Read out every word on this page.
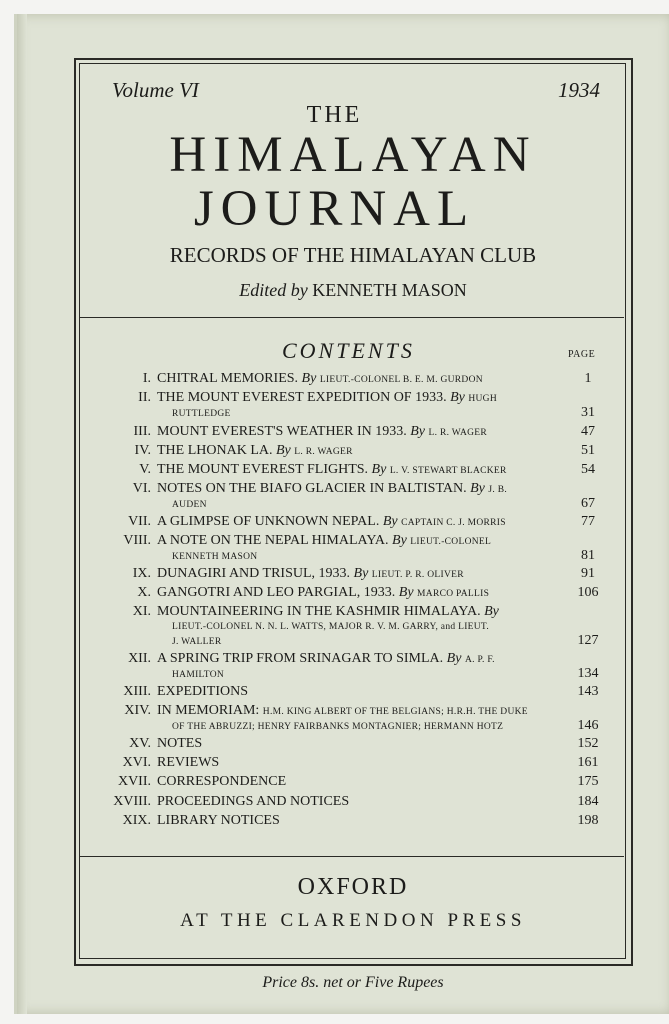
Volume VI	1934
THE
HIMALAYAN
JOURNAL
RECORDS OF THE HIMALAYAN CLUB
Edited by KENNETH MASON
CONTENTS	PAGE
I. CHITRAL MEMORIES. By LIEUT.-COLONEL B. E. M. GURDON	1
II. THE MOUNT EVEREST EXPEDITION OF 1933. By HUGH
RUTTLEDGE	31
III. MOUNT EVEREST'S WEATHER IN 1933. By L. R. WAGER	47
IV. THE LHONAK LA. By L. R. WAGER	51
V. THE MOUNT EVEREST FLIGHTS. By L. V. STEWART BLACKER	54
VI. NOTES ON THE BIAFO GLACIER IN BALTISTAN. By J. B.
AUDEN	67
VII. A GLIMPSE OF UNKNOWN NEPAL. By CAPTAIN C. J. MORRIS	77
VIII. A NOTE ON THE NEPAL HIMALAYA. By LIEUT.-COLONEL
KENNETH MASON	81
IX. DUNAGIRI AND TRISUL, 1933. By LIEUT. P. R. OLIVER	91
X. GANGOTRI AND LEO PARGIAL, 1933. By MARCO PALLIS	106
XI. MOUNTAINEERING IN THE KASHMIR HIMALAYA. By
LIEUT.-COLONEL N. N. L. WATTS, MAJOR R. V. M. GARRY, and LIEUT.
J. WALLER	127
XII. A SPRING TRIP FROM SRINAGAR TO SIMLA. By A. P. F.
HAMILTON	134
XIII. EXPEDITIONS	143
XIV. IN MEMORIAM: H.M. KING ALBERT OF THE BELGIANS; H.R.H. THE DUKE
OF THE ABRUZZI; HENRY FAIRBANKS MONTAGNIER; HERMANN HOTZ	146
XV. NOTES	152
XVI. REVIEWS	161
XVII. CORRESPONDENCE	175
XVIII. PROCEEDINGS AND NOTICES	184
XIX. LIBRARY NOTICES	198
OXFORD
AT THE CLARENDON PRESS
Price 8s. net or Five Rupees
